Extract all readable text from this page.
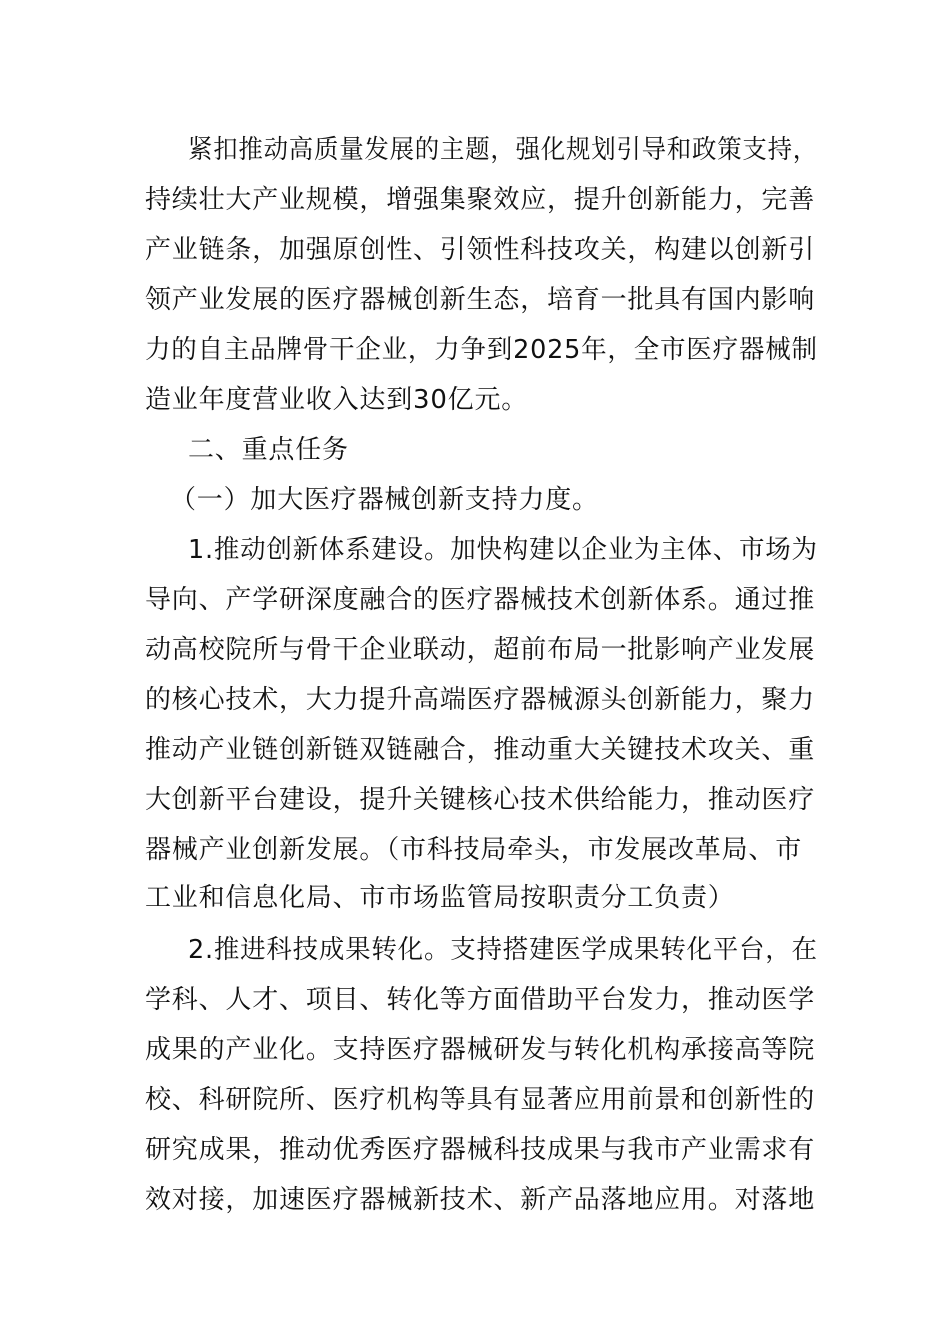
紧扣推动高质量发展的主题，强化规划引导和政策支持，
持续壮大产业规模，增强集聚效应，提升创新能力，完善
产业链条，加强原创性、引领性科技攻关，构建以创新引
领产业发展的医疗器械创新生态，培育一批具有国内影响
力的自主品牌骨干企业，力争到2025年，全市医疗器械制
造业年度营业收入达到30亿元。
二、重点任务
（一）加大医疗器械创新支持力度。
1.推动创新体系建设。加快构建以企业为主体、市场为
导向、产学研深度融合的医疗器械技术创新体系。通过推
动高校院所与骨干企业联动，超前布局一批影响产业发展
的核心技术，大力提升高端医疗器械源头创新能力，聚力
推动产业链创新链双链融合，推动重大关键技术攻关、重
大创新平台建设，提升关键核心技术供给能力，推动医疗
器械产业创新发展。（市科技局牵头，市发展改革局、市
工业和信息化局、市市场监管局按职责分工负责）
2.推进科技成果转化。支持搭建医学成果转化平台，在
学科、人才、项目、转化等方面借助平台发力，推动医学
成果的产业化。支持医疗器械研发与转化机构承接高等院
校、科研院所、医疗机构等具有显著应用前景和创新性的
研究成果，推动优秀医疗器械科技成果与我市产业需求有
效对接，加速医疗器械新技术、新产品落地应用。对落地
